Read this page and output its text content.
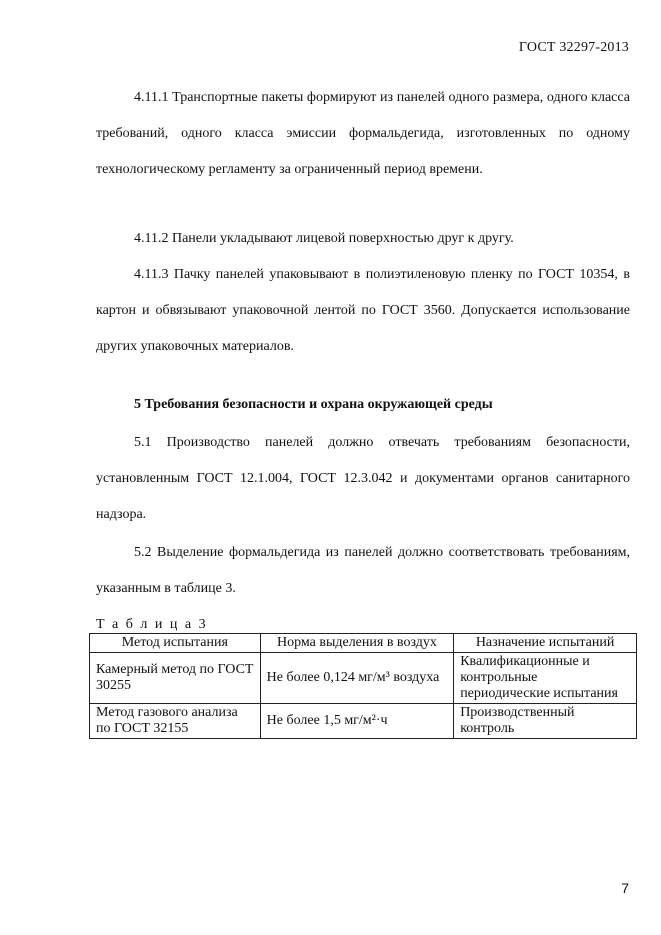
ГОСТ 32297-2013
4.11.1 Транспортные пакеты формируют из панелей одного размера, одного класса требований, одного класса эмиссии формальдегида, изготовленных по одному технологическому регламенту за ограниченный период времени.
4.11.2 Панели укладывают лицевой поверхностью друг к другу.
4.11.3 Пачку панелей упаковывают в полиэтиленовую пленку по ГОСТ 10354, в картон и обвязывают упаковочной лентой по ГОСТ 3560. Допускается использование других упаковочных материалов.
5 Требования безопасности и охрана окружающей среды
5.1 Производство панелей должно отвечать требованиям безопасности, установленным ГОСТ 12.1.004, ГОСТ 12.3.042 и документами органов санитарного надзора.
5.2 Выделение формальдегида из панелей должно соответствовать требованиям, указанным в таблице 3.
Т а б л и ц а 3
Метод испытания	Норма выделения в воздух	Назначение испытаний
Камерный метод по ГОСТ 30255	Не более 0,124 мг/м³ воздуха	Квалификационные и контрольные периодические испытания
Метод газового анализа по ГОСТ 32155	Не более 1,5 мг/м²·ч	Производственный контроль
7
